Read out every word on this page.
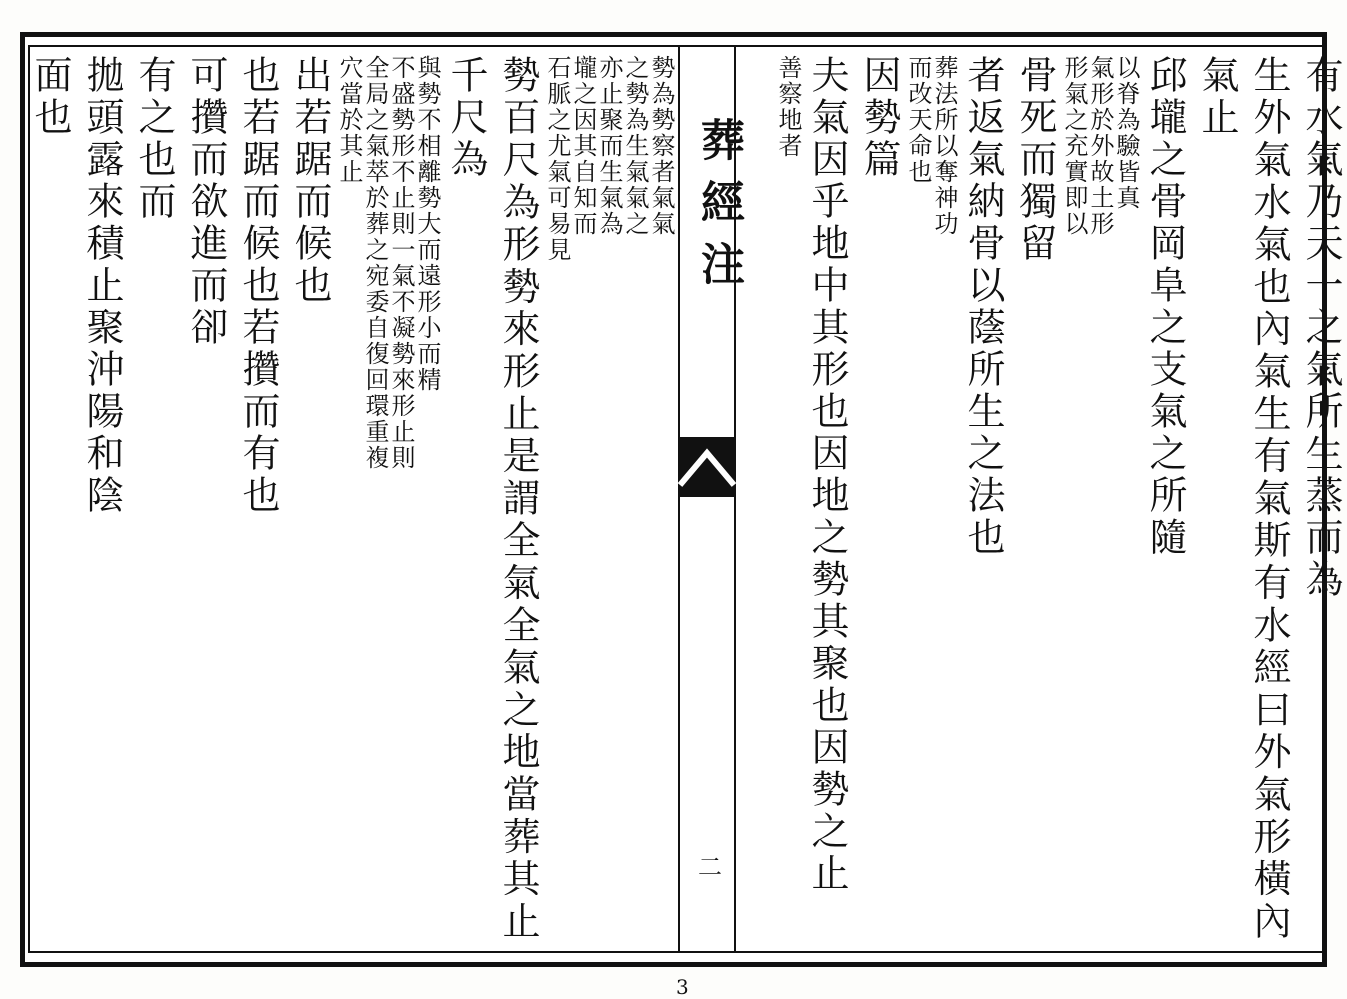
勢為勢察者氣氣
之勢為生氣氣之
亦止聚而生氣為
壠之因其自知而
石脈之尤氣可易見
勢百尺為形勢來形止是謂全氣全氣之地當葬其止千尺為
與勢不相離勢大而遠形小而精
不盛勢形不止則一氣不凝勢來形止則
全局之氣萃於葬之宛委自復回環重複
穴當於其止
出若踞而候也
也若踞而候也若攢而有也
可攢而欲進而卻
有之也而
拋頭露來積止聚沖陽和陰
面也
葬經注
二
有水氣乃天一之氣所生蒸而為
生外氣水氣也內氣生有氣斯有水經曰外氣形橫內氣止
邱壠之骨岡阜之支氣之所隨
以脊為驗皆真
氣形於外故土形
形氣之充實即以
骨死而獨留
者返氣納骨以蔭所生之法也
葬法所以奪神功
而改天命也
因勢篇
夫氣因乎地中其形也因地之勢其聚也因勢之止
善察地者
3
